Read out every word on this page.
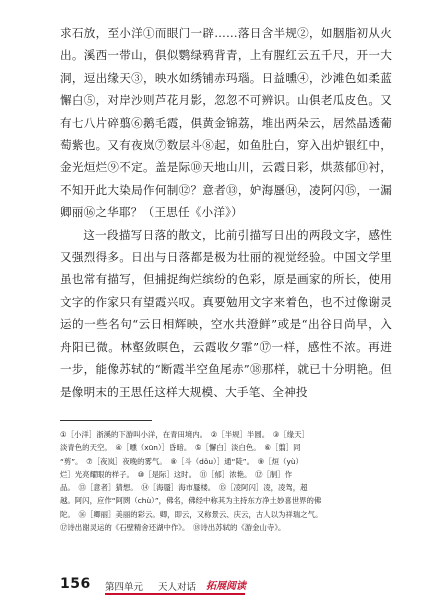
求石放，至小洋①而眼门一辟……落日含半规②，如胭脂初从火出。溪西一带山，俱似鹦绿鸦背青，上有腥红云五千尺，开一大洞，逗出缘天③，映水如绣铺赤玛瑙。日益曛④，沙滩色如柔蓝懈白⑤，对岸沙则芦花月影，忽忽不可辨识。山俱老瓜皮色。又有七八片碎翦⑥鹅毛霞，俱黄金锦荔，堆出两朵云，居然晶透葡萄紫也。又有夜岚⑦数层斗⑧起，如鱼肚白，穿入出炉银红中，金光烜烂⑨不定。盖是际⑩天地山川，云霞日彩，烘蒸郁⑪衬，不知开此大染局作何制⑫？意者⑬，妒海蜃⑭，凌阿闪⑮，一漏卿丽⑯之华耶？（王思任《小洋》）

这一段描写日落的散文，比前引描写日出的两段文字，感性又强烈得多。日出与日落都是极为壮丽的视觉经验。中国文学里虽也常有描写，但捕捉绚烂缤纷的色彩，原是画家的所长，使用文字的作家只有望霞兴叹。真要勉用文字来着色，也不过像谢灵运的一些名句“云日相辉映，空水共澄鲜”或是“出谷日尚早，入舟阳已微。林壑敛暝色，云霞收夕霏”⑰一样，感性不浓。再进一步，能像苏轼的“断霞半空鱼尾赤”⑱那样，就已十分明艳。但是像明末的王思任这样大规模、大手笔、全神投

①［小洋］浙溪的下游叫小洋，在青田境内。　②［半规］半圆。　③［缘天］

淡青色的天空。　④［曛（xūn）］昏暗。　⑤［懈白］淡白色。　⑥［翦］同

“剪”。　⑦［夜岚］夜晚的雾气。　⑧［斗（dǒu）］通“陡”。　⑨［烜（yù）

烂］光亮耀眼的样子。　⑩［是际］这时。　⑪［郁］浓艳。　⑫［制］作

品。　⑬［意者］猜想。　⑭［海蜃］海市蜃楼。　⑮［凌阿闪］凌，凌驾，超

越。阿闪，应作“阿閦（chù）”，佛名，佛经中称其为主持东方净土妙喜世界的佛

陀。　⑯［卿丽］美丽的彩云。卿，即云，又称景云、庆云，古人以为祥瑞之气。

⑰诗出谢灵运的《石壁精舍还湖中作》。　⑱诗出苏轼的《游金山寺》。

156 第四单元 天人对话 拓展阅读
